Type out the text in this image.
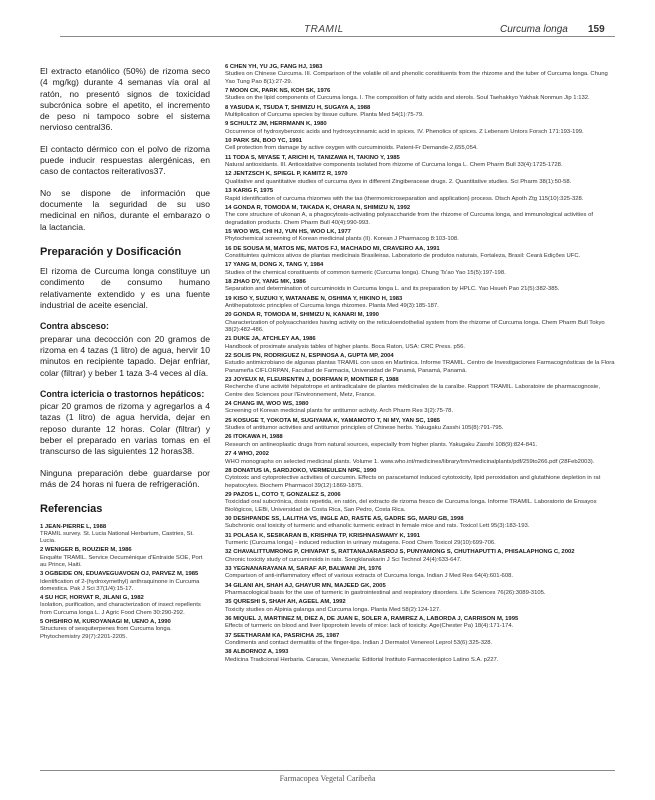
TRAMIL	Curcuma longa 159

El extracto etanólico (50%) de rizoma seco (4 mg/kg) durante 4 semanas vía oral al ratón, no presentó signos de toxicidad subcrónica sobre el apetito, el incremento de peso ni tampoco sobre el sistema nervioso central36.

El contacto dérmico con el polvo de rizoma puede inducir respuestas alergénicas, en caso de contactos reiterativos37.

No se dispone de información que documente la seguridad de su uso medicinal en niños, durante el embarazo o la lactancia.

Preparación y Dosificación

El rizoma de Curcuma longa constituye un condimento de consumo humano relativamente extendido y es una fuente industrial de aceite esencial.

Contra absceso:

preparar una decocción con 20 gramos de rizoma en 4 tazas (1 litro) de agua, hervir 10 minutos en recipiente tapado. Dejar enfriar, colar (filtrar) y beber 1 taza 3-4 veces al día.

Contra ictericia o trastornos hepáticos:

picar 20 gramos de rizoma y agregarlos a 4 tazas (1 litro) de agua hervida, dejar en reposo durante 12 horas. Colar (filtrar) y beber el preparado en varias tomas en el transcurso de las siguientes 12 horas38.

Ninguna preparación debe guardarse por más de 24 horas ni fuera de refrigeración.

Referencias
1 JEAN-PIERRE L, 1988
TRAMIL survey. St. Lucia National Herbarium, Castries, St. Lucia.
2 WENIGER B, ROUZIER M, 1986
Enquête TRAMIL. Service Oecuménique d'Entraide SOE, Port au Prince, Haiti.
3 OGBEIDE ON, EDUAVEGUAVOEN OJ, PARVEZ M, 1985
Identification of 2-(hydroxymethyl) anthraquinone in Curcuma domestica. Pak J Sci 37(1/4):15-17.
4 SU HCF, HORVAT R, JILANI G, 1982
Isolation, purification, and characterization of insect repellents from Curcuma longa L. J Agric Food Chem 30:290-292.
5 OHSHIRO M, KUROYANAGI M, UENO A, 1990
Structures of sesquiterpenes from Curcuma longa. Phytochemistry 29(7):2201-2205.
6 CHEN YH, YU JG, FANG HJ, 1983
Studies on Chinese Curcuma. III. Comparison of the volatile oil and phenolic constituents from the rhizome and the tuber of Curcuma longa. Chung Yao Tung Pao 8(1):27-29.
7 MOON CK, PARK NS, KOH SK, 1976
Studies on the lipid components of Curcuma longa. I. The composition of fatty acids and sterols. Soul Taehakkyo Yakhak Nonmun Jip 1:132.
8 YASUDA K, TSUDA T, SHIMIZU H, SUGAYA A, 1988
Multiplication of Curcuma species by tissue culture. Planta Med 54(1):75-79.
9 SCHULTZ JM, HERRMANN K, 1980
Occurrence of hydroxybenzoic acids and hydroxycinnamic acid in spices. IV. Phenolics of spices. Z Lebensm Untors Forsch 171:193-199.
10 PARK SN, BOO YC, 1991
Cell protection from damage by active oxygen with curcuminoids. Patent-Fr Demande-2,655,054.
11 TODA S, MIYASE T, ARICHI H, TANIZAWA H, TAKINO Y, 1985
Natural antioxidants. III. Antioxidative components isolated from rhizome of Curcuma longa L. Chem Pharm Bull 33(4):1725-1728.
12 JENTZSCH K, SPIEGL P, KAMITZ R, 1970
Qualitative and quantitative studies of curcuma dyes in different Zingiberaceae drugs. 2. Quantitative studies. Sci Pharm 38(1):50-58.
13 KARIG F, 1975
Rapid identification of curcuma rhizomes with the tas (thermomicroseparation and application) process. Dtsch Apoth Ztg 115(10):325-328.
14 GONDA R, TOMODA M, TAKADA K, OHARA N, SHIMIZU N, 1992
The core structure of ukonan A, a phagocytosis-activating polysaccharide from the rhizome of Curcuma longa, and immunological activities of degradation products. Chem Pharm Bull 40(4):990-993.
15 WOO WS, CHI HJ, YUN HS, WOO LK, 1977
Phytochemical screening of Korean medicinal plants (II). Korean J Pharmacog 8:103-108.
16 DE SOUSA M, MATOS ME, MATOS FJ, MACHADO MI, CRAVEIRO AA, 1991
Constituintes químicos ativos de plantas medicinais Brasileiras. Laboratorio de produtos naturais, Fortaleza, Brasil: Ceará Edições UFC.
17 YANG M, DONG X, TANG Y, 1984
Studies of the chemical constituents of common turmeric (Curcuma longa). Chung Ts'ao Yao 15(5):197-198.
18 ZHAO DY, YANG MK, 1986
Separation and determination of curcuminoids in Curcuma longa L. and its preparation by HPLC. Yao Hsueh Pao 21(5):382-385.
19 KISO Y, SUZUKI Y, WATANABE N, OSHIMA Y, HIKINO H, 1983
Antihepatotoxic principles of Curcuma longa rhizomes. Planta Med 49(3):185-187.
20 GONDA R, TOMODA M, SHIMIZU N, KANARI M, 1990
Characterization of polysaccharides having activity on the reticuloendothelial system from the rhizome of Curcuma longa. Chem Pharm Bull Tokyo 38(2):482-486.
21 DUKE JA, ATCHLEY AA, 1986
Handbook of proximate analysis tables of higher plants. Boca Raton, USA: CRC Press. p56.
22 SOLIS PN, RODRIGUEZ N, ESPINOSA A, GUPTA MP, 2004
Estudio antimicrobiano de algunas plantas TRAMIL con usos en Martinica. Informe TRAMIL. Centro de Investigaciones Farmacognósticas de la Flora Panameña CIFLORPAN, Facultad de Farmacia, Universidad de Panamá, Panamá, Panamá.
23 JOYEUX M, FLEURENTIN J, DORFMAN P, MONTIER F, 1988
Recherche d'une activité hépatotrope et antiradicalaire de plantes médicinales de la caraïbe. Rapport TRAMIL. Laboratoire de pharmacognosie, Centre des Sciences pour l'Environnement, Metz, France.
24 CHANG IM, WOO WS, 1980
Screening of Korean medicinal plants for antitumor activity. Arch Pharm Res 3(2):75-78.
25 KOSUGE T, YOKOTA M, SUGIYAMA K, YAMAMOTO T, NI MY, YAN SC, 1985
Studies of antitumor activities and antitumor principles of Chinese herbs. Yakugaku Zasshi 105(8):791-795.
26 ITOKAWA H, 1988
Research on antineoplastic drugs from natural sources, especially from higher plants. Yakugaku Zasshi 108(9):824-841.
27 4 WHO, 2002
WHO monographs on selected medicinal plants. Volume 1. www.who.int/medicines/library/trm/medicinalplants/pdf/259to266.pdf (28Feb2003).
28 DONATUS IA, SARDJOKO, VERMEULEN NPE, 1990
Cytotoxic and cytoprotective activities of curcumin. Effects on paracetamol induced cytotoxicity, lipid peroxidation and glutathione depletion in rat hepatocytes. Biochem Pharmacol 39(12):1869-1875.
29 PAZOS L, COTO T, GONZALEZ S, 2006
Toxicidad oral subcrónica, dosis repetida, en ratón, del extracto de rizoma fresco de Curcuma longa. Informe TRAMIL. Laboratorio de Ensayos Biológicos, LEBi, Universidad de Costa Rica, San Pedro, Costa Rica.
30 DESHPANDE SS, LALITHA VS, INGLE AD, RASTE AS, GADRE SG, MARU GB, 1998
Subchronic oral toxicity of turmeric and ethanolic turmeric extract in female mice and rats. Toxicol Lett 95(3):183-193.
31 POLASA K, SESIKARAN B, KRISHNA TP, KRISHNASWAMY K, 1991
Turmeric (Curcuma longa) - induced reduction in urinary mutagens. Food Chem Toxicol 29(10):699-706.
32 CHAVALITTUMRONG P, CHIVAPAT S, RATTANAJARASROJ S, PUNYAMONG S, CHUTHAPUTTI A, PHISALAPHONG C, 2002
Chronic toxicity study of curcuminoids in rats. Songklanakarin J Sci Technol 24(4):633-647.
33 YEGNANARAYANA M, SARAF AP, BALWANI JH, 1976
Comparison of anti-inflammatory effect of various extracts of Curcuma longa. Indian J Med Res 64(4):601-608.
34 GILANI AH, SHAH AJ, GHAYUR MN, MAJEED GK, 2005
Pharmacological basis for the use of turmeric in gastrointestinal and respiratory disorders. Life Sciences 76(26):3089-3105.
35 QURESHI S, SHAH AH, AGEEL AM, 1992
Toxicity studies on Alpinia galanga and Curcuma longa. Planta Med 58(2):124-127.
36 MIQUEL J, MARTINEZ M, DIEZ A, DE JUAN E, SOLER A, RAMIREZ A, LABORDA J, CARRISON M, 1995
Effects of turmeric on blood and liver lipoprotein levels of mice: lack of toxicity. Age(Chester Pa) 18(4):171-174.
37 SEETHARAM KA, PASRICHA JS, 1987
Condiments and contact dermatitis of the finger-tips. Indian J Dermatol Venereol Leprol 53(6):325-328.
38 ALBORNOZ A, 1993
Medicina Tradicional Herbaria. Caracas, Venezuela: Editorial Instituto Farmacoterápico Latino S.A. p227.
Farmacopea Vegetal Caribeña
